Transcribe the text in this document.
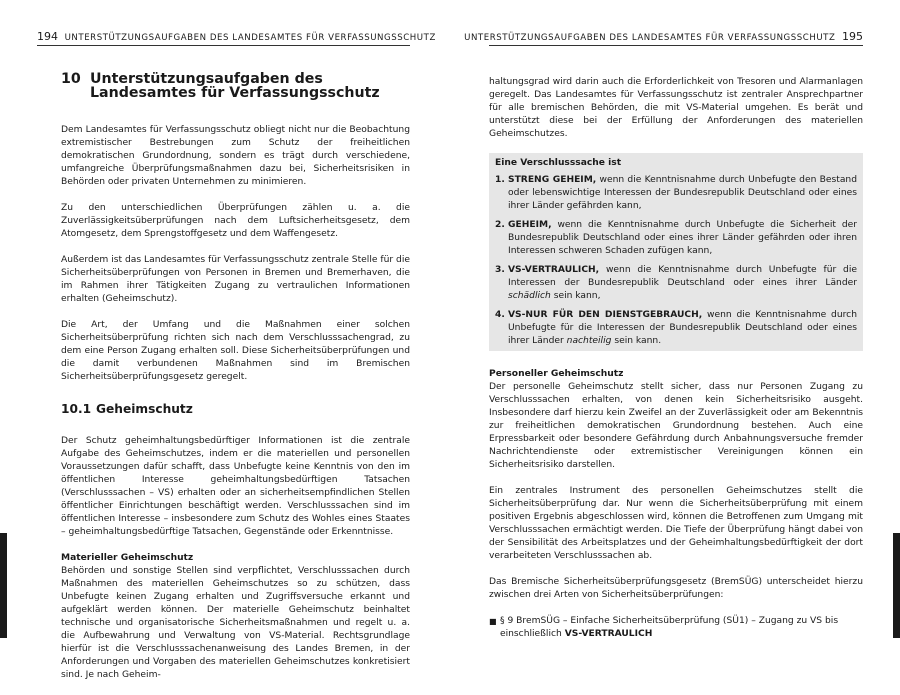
194 UNTERSTÜTZUNGSAUFGABEN DES LANDESAMTES FÜR VERFASSUNGSSCHUTZ
10 Unterstützungsaufgaben des Landesamtes für Verfassungsschutz

Dem Landesamtes für Verfassungsschutz obliegt nicht nur die Beobachtung extremistischer Bestrebungen zum Schutz der freiheitlichen demokratischen Grundordnung, sondern es trägt durch verschiedene, umfangreiche Überprüfungsmaßnahmen dazu bei, Sicherheitsrisiken in Behörden oder privaten Unternehmen zu minimieren.

Zu den unterschiedlichen Überprüfungen zählen u. a. die Zuverlässigkeitsüberprüfungen nach dem Luftsicherheitsgesetz, dem Atomgesetz, dem Sprengstoffgesetz und dem Waffengesetz.

Außerdem ist das Landesamtes für Verfassungsschutz zentrale Stelle für die Sicherheitsüberprüfungen von Personen in Bremen und Bremerhaven, die im Rahmen ihrer Tätigkeiten Zugang zu vertraulichen Informationen erhalten (Geheimschutz).

Die Art, der Umfang und die Maßnahmen einer solchen Sicherheitsüberprüfung richten sich nach dem Verschlusssachengrad, zu dem eine Person Zugang erhalten soll. Diese Sicherheitsüberprüfungen und die damit verbundenen Maßnahmen sind im Bremischen Sicherheitsüberprüfungsgesetz geregelt.

10.1 Geheimschutz

Der Schutz geheimhaltungsbedürftiger Informationen ist die zentrale Aufgabe des Geheimschutzes, indem er die materiellen und personellen Voraussetzungen dafür schafft, dass Unbefugte keine Kenntnis von den im öffentlichen Interesse geheimhaltungsbedürftigen Tatsachen (Verschlusssachen – VS) erhalten oder an sicherheitsempfindlichen Stellen öffentlicher Einrichtungen beschäftigt werden. Verschlusssachen sind im öffentlichen Interesse – insbesondere zum Schutz des Wohles eines Staates – geheimhaltungsbedürftige Tatsachen, Gegenstände oder Erkenntnisse.

Materieller Geheimschutz

Behörden und sonstige Stellen sind verpflichtet, Verschlusssachen durch Maßnahmen des materiellen Geheimschutzes so zu schützen, dass Unbefugte keinen Zugang erhalten und Zugriffsversuche erkannt und aufgeklärt werden können. Der materielle Geheimschutz beinhaltet technische und organisatorische Sicherheitsmaßnahmen und regelt u. a. die Aufbewahrung und Verwaltung von VS-Material. Rechtsgrundlage hierfür ist die Verschlusssachenanweisung des Landes Bremen, in der Anforderungen und Vorgaben des materiellen Geheimschutzes konkretisiert sind. Je nach Geheim-

UNTERSTÜTZUNGSAUFGABEN DES LANDESAMTES FÜR VERFASSUNGSSCHUTZ 195

haltungsgrad wird darin auch die Erforderlichkeit von Tresoren und Alarmanlagen geregelt. Das Landesamtes für Verfassungsschutz ist zentraler Ansprechpartner für alle bremischen Behörden, die mit VS-Material umgehen. Es berät und unterstützt diese bei der Erfüllung der Anforderungen des materiellen Geheimschutzes.

Eine Verschlusssache ist
1. STRENG GEHEIM, wenn die Kenntnisnahme durch Unbefugte den Bestand oder lebenswichtige Interessen der Bundesrepublik Deutschland oder eines ihrer Länder gefährden kann,
2. GEHEIM, wenn die Kenntnisnahme durch Unbefugte die Sicherheit der Bundesrepublik Deutschland oder eines ihrer Länder gefährden oder ihren Interessen schweren Schaden zufügen kann,
3. VS-VERTRAULICH, wenn die Kenntnisnahme durch Unbefugte für die Interessen der Bundesrepublik Deutschland oder eines ihrer Länder schädlich sein kann,
4. VS-NUR FÜR DEN DIENSTGEBRAUCH, wenn die Kenntnisnahme durch Unbefugte für die Interessen der Bundesrepublik Deutschland oder eines ihrer Länder nachteilig sein kann.
Personeller Geheimschutz

Der personelle Geheimschutz stellt sicher, dass nur Personen Zugang zu Verschlusssachen erhalten, von denen kein Sicherheitsrisiko ausgeht. Insbesondere darf hierzu kein Zweifel an der Zuverlässigkeit oder am Bekenntnis zur freiheitlichen demokratischen Grundordnung bestehen. Auch eine Erpressbarkeit oder besondere Gefährdung durch Anbahnungsversuche fremder Nachrichtendienste oder extremistischer Vereinigungen können ein Sicherheitsrisiko darstellen.

Ein zentrales Instrument des personellen Geheimschutzes stellt die Sicherheitsüberprüfung dar. Nur wenn die Sicherheitsüberprüfung mit einem positiven Ergebnis abgeschlossen wird, können die Betroffenen zum Umgang mit Verschlusssachen ermächtigt werden. Die Tiefe der Überprüfung hängt dabei von der Sensibilität des Arbeitsplatzes und der Geheimhaltungsbedürftigkeit der dort verarbeiteten Verschlusssachen ab.

Das Bremische Sicherheitsüberprüfungsgesetz (BremSÜG) unterscheidet hierzu zwischen drei Arten von Sicherheitsüberprüfungen:

■ § 9 BremSÜG – Einfache Sicherheitsüberprüfung (SÜ1) – Zugang zu VS bis einschließlich VS-VERTRAULICH
